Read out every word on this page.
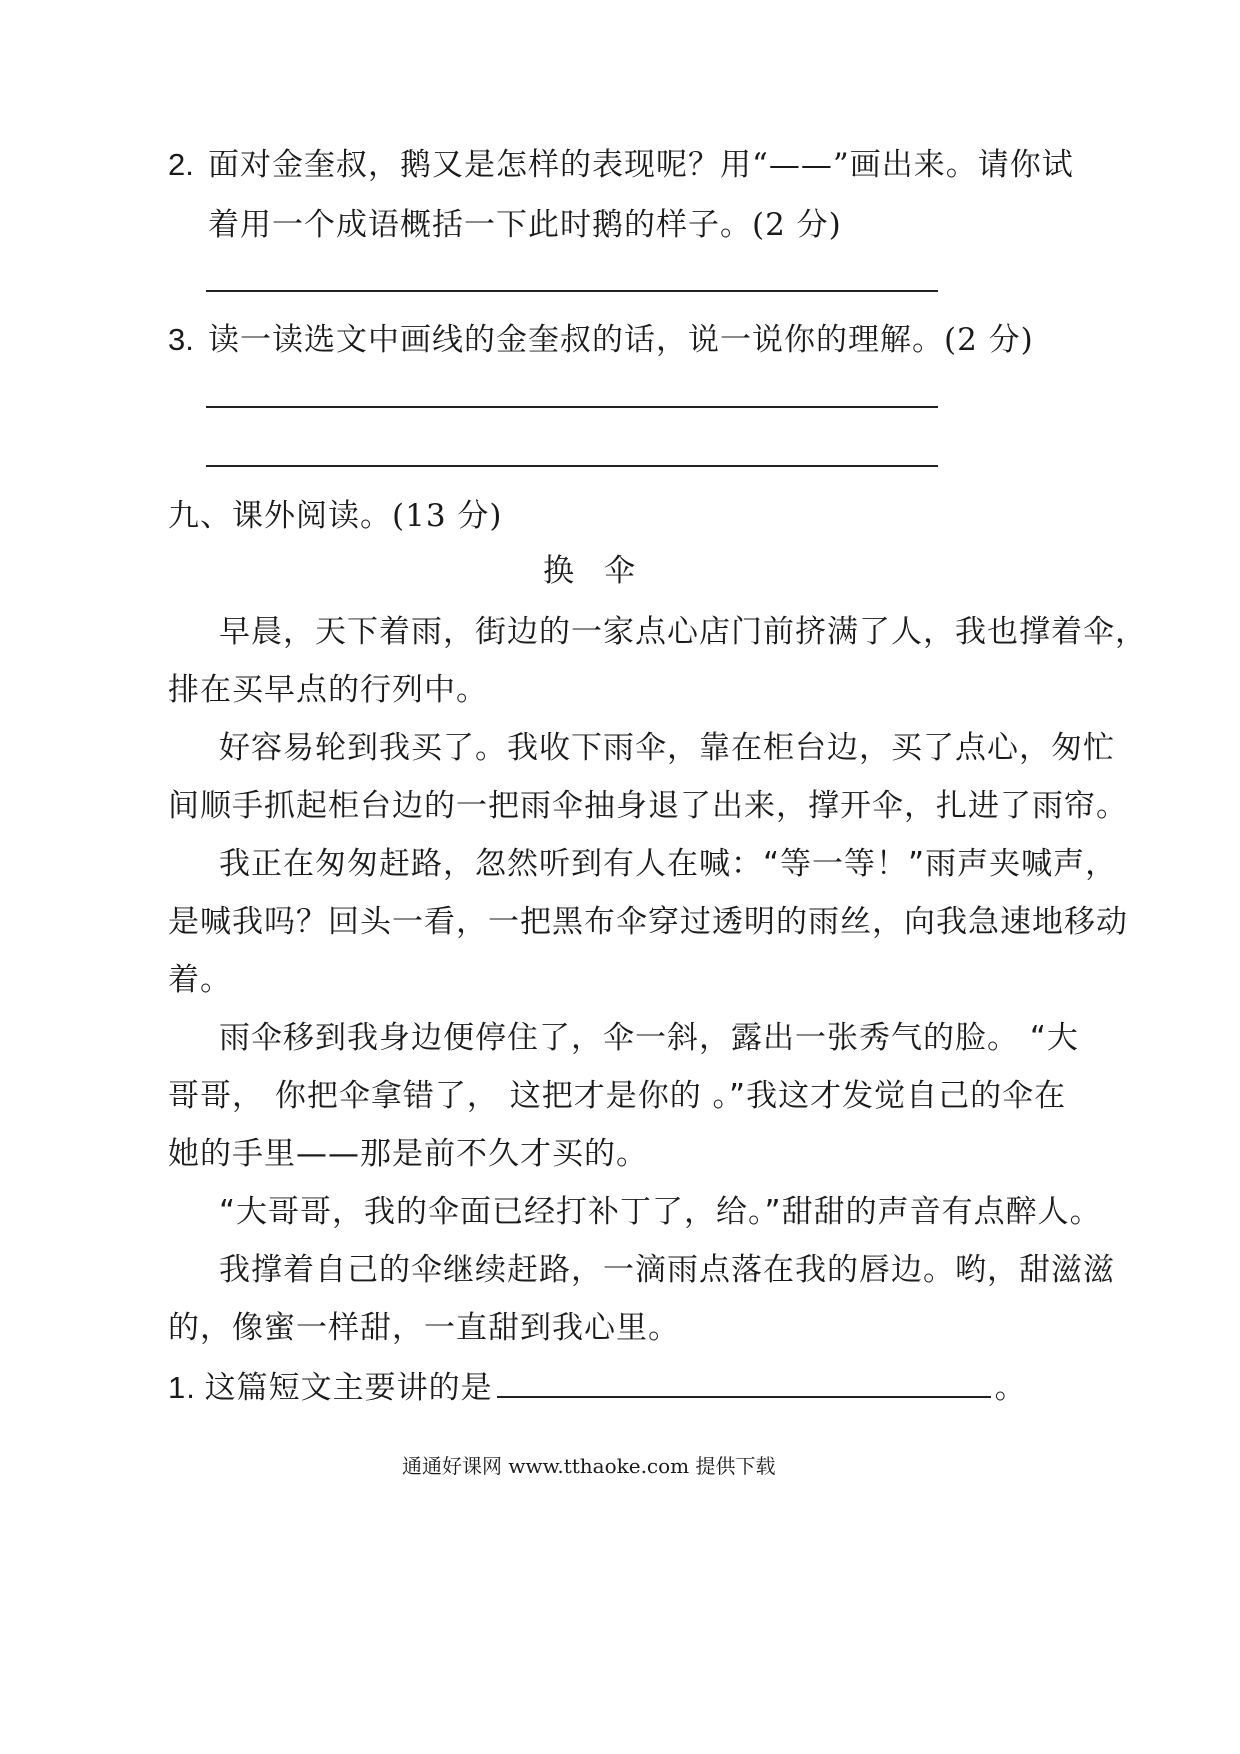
2. 面对金奎叔，鹅又是怎样的表现呢？用“——”画出来。请你试
着用一个成语概括一下此时鹅的样子。(2 分)
3. 读一读选文中画线的金奎叔的话，说一说你的理解。(2 分)
九、课外阅读。(13 分)
换伞
早晨，天下着雨，街边的一家点心店门前挤满了人，我也撑着伞，
排在买早点的行列中。
好容易轮到我买了。我收下雨伞，靠在柜台边，买了点心，匆忙
间顺手抓起柜台边的一把雨伞抽身退了出来，撑开伞，扎进了雨帘。
我正在匆匆赶路，忽然听到有人在喊：“等一等！”雨声夹喊声，
是喊我吗？回头一看，一把黑布伞穿过透明的雨丝，向我急速地移动
着。
雨伞移到我身边便停住了，伞一斜，露出一张秀气的脸。 “大
哥哥， 你把伞拿错了， 这把才是你的 。”我这才发觉自己的伞在
她的手里——那是前不久才买的。
“大哥哥，我的伞面已经打补丁了，给。”甜甜的声音有点醉人。
我撑着自己的伞继续赶路，一滴雨点落在我的唇边。哟，甜滋滋
的，像蜜一样甜，一直甜到我心里。
1. 这篇短文主要讲的是	。
通通好课网 www.tthaoke.com 提供下载
